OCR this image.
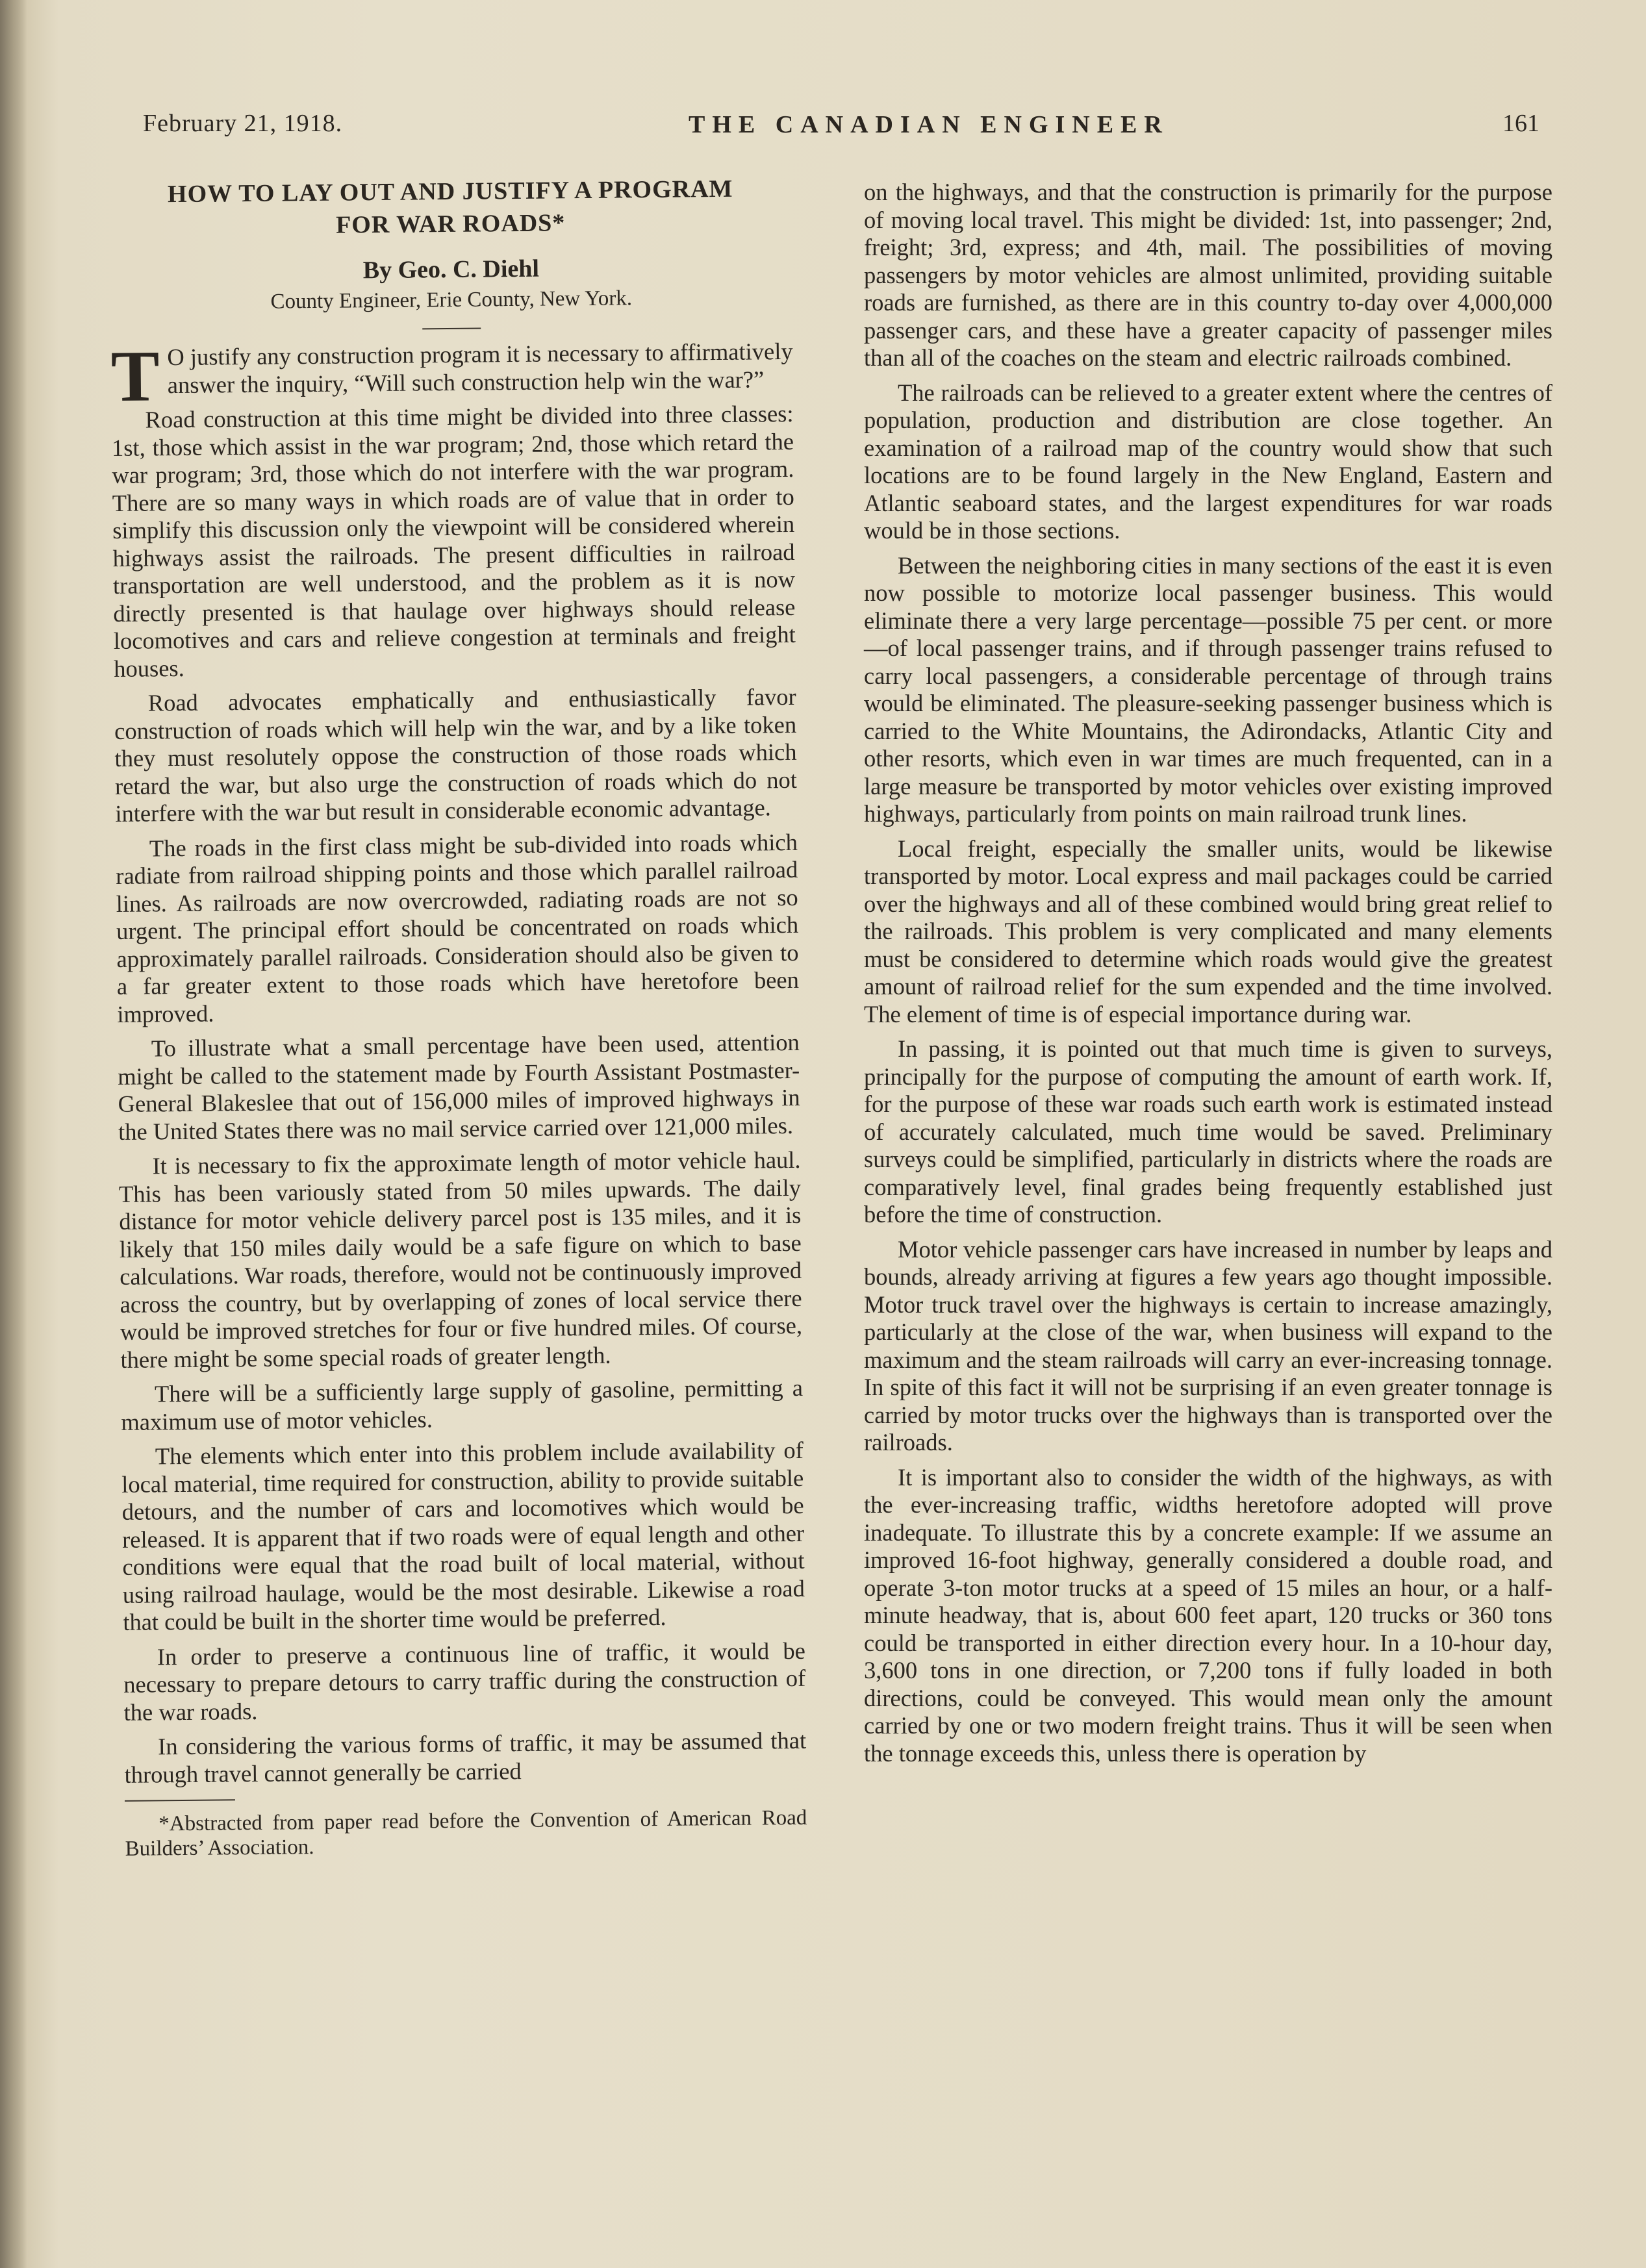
February 21, 1918.	THE CANADIAN ENGINEER	161
HOW TO LAY OUT AND JUSTIFY A PROGRAM
FOR WAR ROADS*
By Geo. C. Diehl
County Engineer, Erie County, New York.

T O justify any construction program it is necessary to affirmatively answer the inquiry, “Will such construction help win the war?”

Road construction at this time might be divided into three classes: 1st, those which assist in the war program; 2nd, those which retard the war program; 3rd, those which do not interfere with the war program. There are so many ways in which roads are of value that in order to simplify this discussion only the viewpoint will be considered wherein highways assist the railroads. The present difficulties in railroad transportation are well understood, and the problem as it is now directly presented is that haulage over highways should release locomotives and cars and relieve congestion at terminals and freight houses.

Road advocates emphatically and enthusiastically favor construction of roads which will help win the war, and by a like token they must resolutely oppose the construction of those roads which retard the war, but also urge the construction of roads which do not interfere with the war but result in considerable economic advantage.

The roads in the first class might be sub-divided into roads which radiate from railroad shipping points and those which parallel railroad lines. As railroads are now overcrowded, radiating roads are not so urgent. The principal effort should be concentrated on roads which approximately parallel railroads. Consideration should also be given to a far greater extent to those roads which have heretofore been improved.

To illustrate what a small percentage have been used, attention might be called to the statement made by Fourth Assistant Postmaster-General Blakeslee that out of 156,000 miles of improved highways in the United States there was no mail service carried over 121,000 miles.

It is necessary to fix the approximate length of motor vehicle haul. This has been variously stated from 50 miles upwards. The daily distance for motor vehicle delivery parcel post is 135 miles, and it is likely that 150 miles daily would be a safe figure on which to base calculations. War roads, therefore, would not be continuously improved across the country, but by overlapping of zones of local service there would be improved stretches for four or five hundred miles. Of course, there might be some special roads of greater length.

There will be a sufficiently large supply of gasoline, permitting a maximum use of motor vehicles.

The elements which enter into this problem include availability of local material, time required for construction, ability to provide suitable detours, and the number of cars and locomotives which would be released. It is apparent that if two roads were of equal length and other conditions were equal that the road built of local material, without using railroad haulage, would be the most desirable. Likewise a road that could be built in the shorter time would be preferred.

In order to preserve a continuous line of traffic, it would be necessary to prepare detours to carry traffic during the construction of the war roads.

In considering the various forms of traffic, it may be assumed that through travel cannot generally be carried

*Abstracted from paper read before the Convention of American Road Builders’ Association.

on the highways, and that the construction is primarily for the purpose of moving local travel. This might be divided: 1st, into passenger; 2nd, freight; 3rd, express; and 4th, mail. The possibilities of moving passengers by motor vehicles are almost unlimited, providing suitable roads are furnished, as there are in this country to-day over 4,000,000 passenger cars, and these have a greater capacity of passenger miles than all of the coaches on the steam and electric railroads combined.

The railroads can be relieved to a greater extent where the centres of population, production and distribution are close together. An examination of a railroad map of the country would show that such locations are to be found largely in the New England, Eastern and Atlantic seaboard states, and the largest expenditures for war roads would be in those sections.

Between the neighboring cities in many sections of the east it is even now possible to motorize local passenger business. This would eliminate there a very large percentage—possible 75 per cent. or more—of local passenger trains, and if through passenger trains refused to carry local passengers, a considerable percentage of through trains would be eliminated. The pleasure-seeking passenger business which is carried to the White Mountains, the Adirondacks, Atlantic City and other resorts, which even in war times are much frequented, can in a large measure be transported by motor vehicles over existing improved highways, particularly from points on main railroad trunk lines.

Local freight, especially the smaller units, would be likewise transported by motor. Local express and mail packages could be carried over the highways and all of these combined would bring great relief to the railroads. This problem is very complicated and many elements must be considered to determine which roads would give the greatest amount of railroad relief for the sum expended and the time involved. The element of time is of especial importance during war.

In passing, it is pointed out that much time is given to surveys, principally for the purpose of computing the amount of earth work. If, for the purpose of these war roads such earth work is estimated instead of accurately calculated, much time would be saved. Preliminary surveys could be simplified, particularly in districts where the roads are comparatively level, final grades being frequently established just before the time of construction.

Motor vehicle passenger cars have increased in number by leaps and bounds, already arriving at figures a few years ago thought impossible. Motor truck travel over the highways is certain to increase amazingly, particularly at the close of the war, when business will expand to the maximum and the steam railroads will carry an ever-increasing tonnage. In spite of this fact it will not be surprising if an even greater tonnage is carried by motor trucks over the highways than is transported over the railroads.

It is important also to consider the width of the highways, as with the ever-increasing traffic, widths heretofore adopted will prove inadequate. To illustrate this by a concrete example: If we assume an improved 16-foot highway, generally considered a double road, and operate 3-ton motor trucks at a speed of 15 miles an hour, or a half-minute headway, that is, about 600 feet apart, 120 trucks or 360 tons could be transported in either direction every hour. In a 10-hour day, 3,600 tons in one direction, or 7,200 tons if fully loaded in both directions, could be conveyed. This would mean only the amount carried by one or two modern freight trains. Thus it will be seen when the tonnage exceeds this, unless there is operation by
